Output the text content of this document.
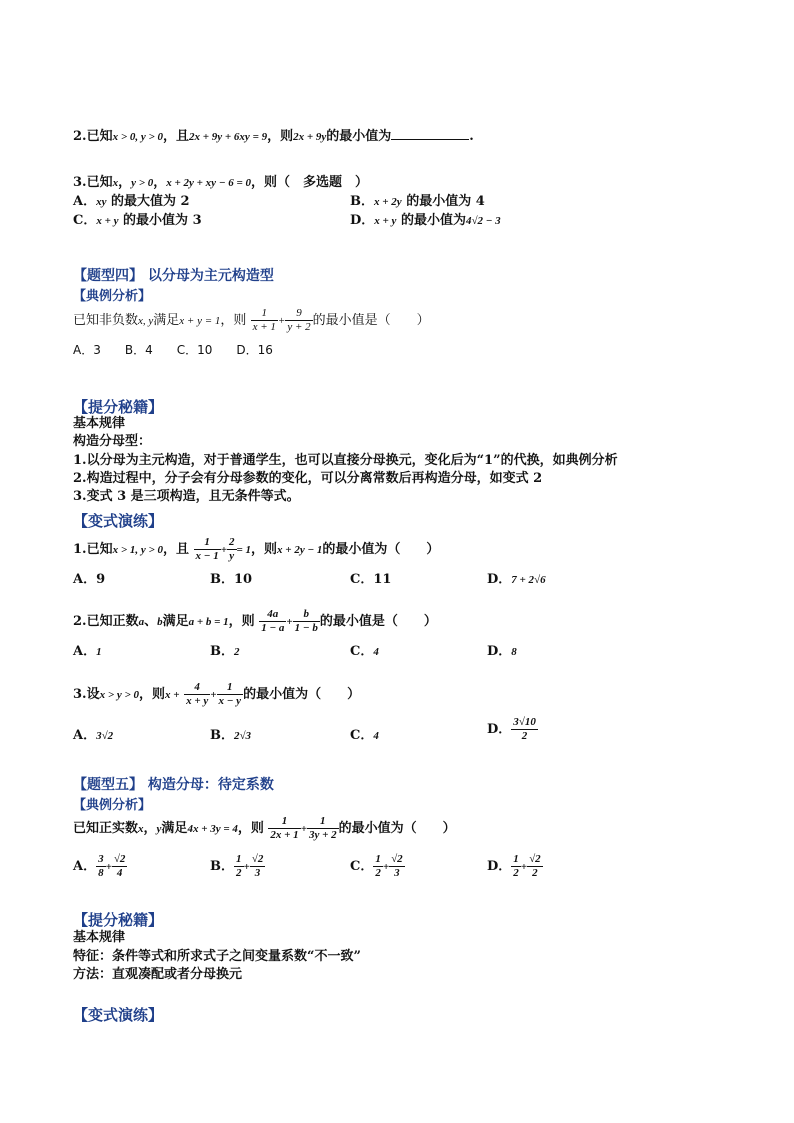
2.已知x > 0, y > 0，且2x + 9y + 6xy = 9，则2x + 9y的最小值为	.
3.已知x，y > 0，x + 2y + xy − 6 = 0，则（　多选题　）
A．xy 的最大值为 2	B．x + 2y 的最小值为 4
C．x + y 的最小值为 3	D．x + y 的最小值为4√2 − 3
【题型四】 以分母为主元构造型
【典例分析】
已知非负数x, y满足x + y = 1，则 $\frac{1}{x + 1} + \frac{9}{y + 2}$ 的最小值是（　　）
A．3　　B．4　　C．10　　D．16
【提分秘籍】
基本规律
构造分母型：
1.以分母为主元构造，对于普通学生，也可以直接分母换元，变化后为“1”的代换，如典例分析
2.构造过程中，分子会有分母参数的变化，可以分离常数后再构造分母，如变式 2
3.变式 3 是三项构造，且无条件等式。
【变式演练】
1.已知x > 1, y > 0，且 $\frac{1}{x - 1} + \frac{2}{y} = 1$，则x + 2y − 1的最小值为（　　）
A．9	B．10	C．11	D．7 + 2√6
2.已知正数a、b满足a + b = 1，则 $\frac{4a}{1 - a} + \frac{b}{1 - b}$ 的最小值是（　　）
A．1	B．2	C．4	D．8
3.设x > y > 0，则$x + \frac{4}{x + y} + \frac{1}{x - y}$ 的最小值为（　　）
A．3√2	B．2√3	C．4	D． $\frac{3√10}{2}$
【题型五】 构造分母：待定系数
【典例分析】
已知正实数x，y满足4x + 3y = 4，则 $\frac{1}{2x + 1} + \frac{1}{3y + 2}$ 的最小值为（　　）
A． $\frac{3}{8} + \frac{√2}{4}$	B． $\frac{1}{2} + \frac{√2}{3}$	C． $\frac{1}{2} + \frac{√2}{3}$	D． $\frac{1}{2} + \frac{√2}{2}$
【提分秘籍】
基本规律
特征：条件等式和所求式子之间变量系数“不一致”
方法：直观凑配或者分母换元
【变式演练】
